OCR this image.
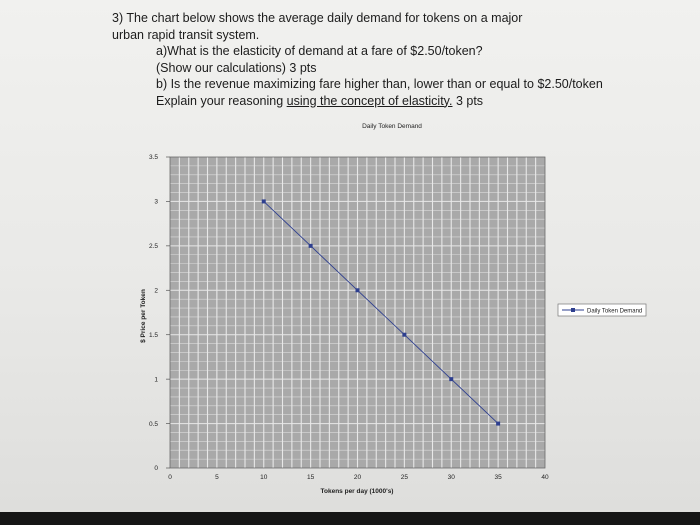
3) The chart below shows the average daily demand for tokens on a major
urban rapid transit system.
a)What is the elasticity of demand at a fare of $2.50/token?
(Show our calculations) 3 pts
b) Is the revenue maximizing fare higher than, lower than or equal to $2.50/token
Explain your reasoning using the concept of elasticity. 3 pts
Daily Token Demand
0	5	10	15	20	25	30	35	40
0
0.5
1
1.5
2
2.5
3
3.5
Tokens per day (1000's)
$ Price per Token	Daily Token Demand
